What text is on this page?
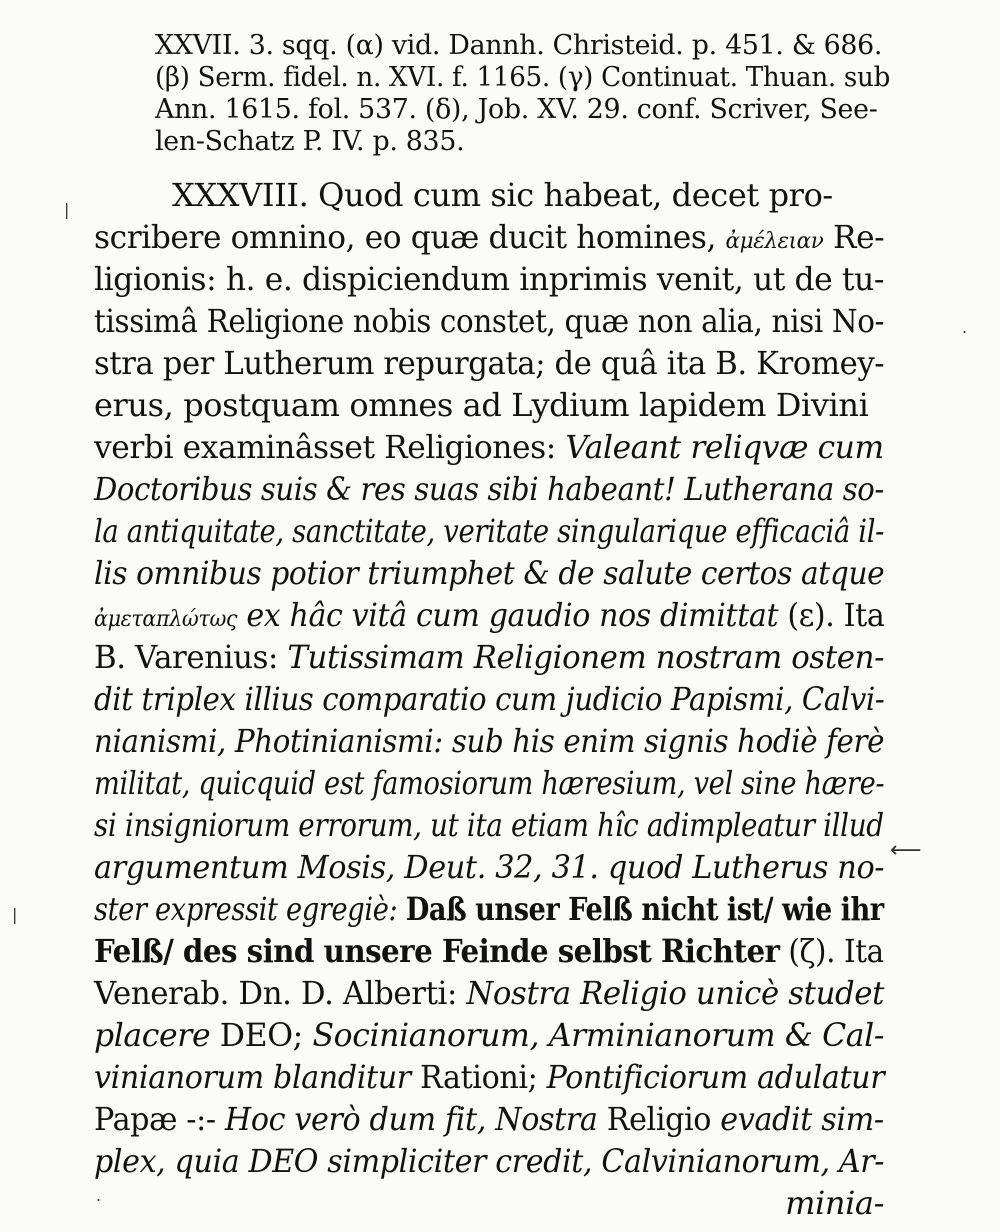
XXVII. 3. sqq. (α) vid. Dannh. Christeid. p. 451. & 686.
(β) Serm. fidel. n. XVI. f. 1165. (γ) Continuat. Thuan. sub
Ann. 1615. fol. 537. (δ), Job. XV. 29. conf. Scriver, See-
len-Schatz P. IV. p. 835.
XXXVIII. Quod cum sic habeat, decet pro-
scribere omnino, eo quæ ducit homines, ἀμέλειαν Re-
ligionis: h. e. dispiciendum inprimis venit, ut de tu-
tissimâ Religione nobis constet, quæ non alia, nisi No-
stra per Lutherum repurgata; de quâ ita B. Kromey-
erus, postquam omnes ad Lydium lapidem Divini
verbi examinâsset Religiones: Valeant reliqvæ cum
Doctoribus suis & res suas sibi habeant! Lutherana so-
la antiquitate, sanctitate, veritate singularique efficaciâ il-
lis omnibus potior triumphet & de salute certos atque
ἀμεταπλώτως ex hâc vitâ cum gaudio nos dimittat (ε). Ita
B. Varenius: Tutissimam Religionem nostram osten-
dit triplex illius comparatio cum judicio Papismi, Calvi-
nianismi, Photinianismi: sub his enim signis hodiè ferè
militat, quicquid est famosiorum hæresium, vel sine hære-
si insigniorum errorum, ut ita etiam hîc adimpleatur illud
argumentum Mosis, Deut. 32, 31. quod Lutherus no-
ster expressit egregiè: Daß unser Felß nicht ist/ wie ihr
Felß/ des sind unsere Feinde selbst Richter (ζ). Ita
Venerab. Dn. D. Alberti: Nostra Religio unicè studet
placere DEO; Socinianorum, Arminianorum & Cal-
vinianorum blanditur Rationi; Pontificiorum adulatur
Papæ -:- Hoc verò dum fit, Nostra Religio evadit sim-
plex, quia DEO simpliciter credit, Calvinianorum, Ar-
minia-
|
.
⟵
|
.
